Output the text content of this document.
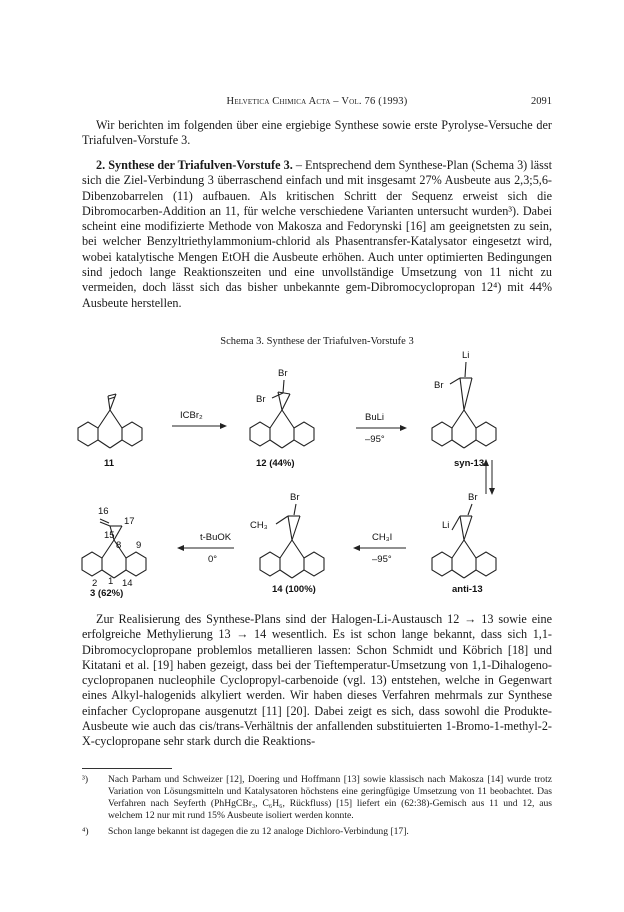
Helvetica Chimica Acta – Vol. 76 (1993)	2091

Wir berichten im folgenden über eine ergiebige Synthese sowie erste Pyrolyse-Versuche der Triafulven-Vorstufe 3.

2. Synthese der Triafulven-Vorstufe 3. – Entsprechend dem Synthese-Plan (Schema 3) lässt sich die Ziel-Verbindung 3 überraschend einfach und mit insgesamt 27% Ausbeute aus 2,3;5,6-Dibenzobarrelen (11) aufbauen. Als kritischen Schritt der Sequenz erweist sich die Dibromocarben-Addition an 11, für welche verschiedene Varianten untersucht wurden³). Dabei scheint eine modifizierte Methode von Makosza and Fedorynski [16] am geeignetsten zu sein, bei welcher Benzyltriethylammonium-chlorid als Phasentransfer-Katalysator eingesetzt wird, wobei katalytische Mengen EtOH die Ausbeute erhöhen. Auch unter optimierten Bedingungen sind jedoch lange Reaktionszeiten und eine unvollständige Umsetzung von 11 nicht zu vermeiden, doch lässt sich das bisher unbekannte gem-Dibromocyclopropan 12⁴) mit 44% Ausbeute herstellen.

Schema 3. Synthese der Triafulven-Vorstufe 3
ICBr₂
Br
Br
BuLi
–95°
Li
Br
Br
Li
CH₃I
–95°
Br
CH₃
t-BuOK
0°
16
17
15
8 9
2 1 14
11	12 (44%)	syn-13
anti-13
14 (100%)
3 (62%)

Zur Realisierung des Synthese-Plans sind der Halogen-Li-Austausch 12 → 13 sowie eine erfolgreiche Methylierung 13 → 14 wesentlich. Es ist schon lange bekannt, dass sich 1,1-Dibromocyclopropane problemlos metallieren lassen: Schon Schmidt und Köbrich [18] und Kitatani et al. [19] haben gezeigt, dass bei der Tieftemperatur-Umsetzung von 1,1-Dihalogeno-cyclopropanen nucleophile Cyclopropyl-carbenoide (vgl. 13) entstehen, welche in Gegenwart eines Alkyl-halogenids alkyliert werden. Wir haben dieses Verfahren mehrmals zur Synthese einfacher Cyclopropane ausgenutzt [11] [20]. Dabei zeigt es sich, dass sowohl die Produkte-Ausbeute wie auch das cis/trans-Verhältnis der anfallenden substituierten 1-Bromo-1-methyl-2-X-cyclopropane sehr stark durch die Reaktions-

³) Nach Parham und Schweizer [12], Doering und Hoffmann [13] sowie klassisch nach Makosza [14] wurde trotz Variation von Lösungsmitteln und Katalysatoren höchstens eine geringfügige Umsetzung von 11 beobachtet. Das Verfahren nach Seyferth (PhHgCBr₃, C₆H₆, Rückfluss) [15] liefert ein (62:38)-Gemisch aus 11 und 12, aus welchem 12 nur mit rund 15% Ausbeute isoliert werden konnte.
⁴) Schon lange bekannt ist dagegen die zu 12 analoge Dichloro-Verbindung [17].
